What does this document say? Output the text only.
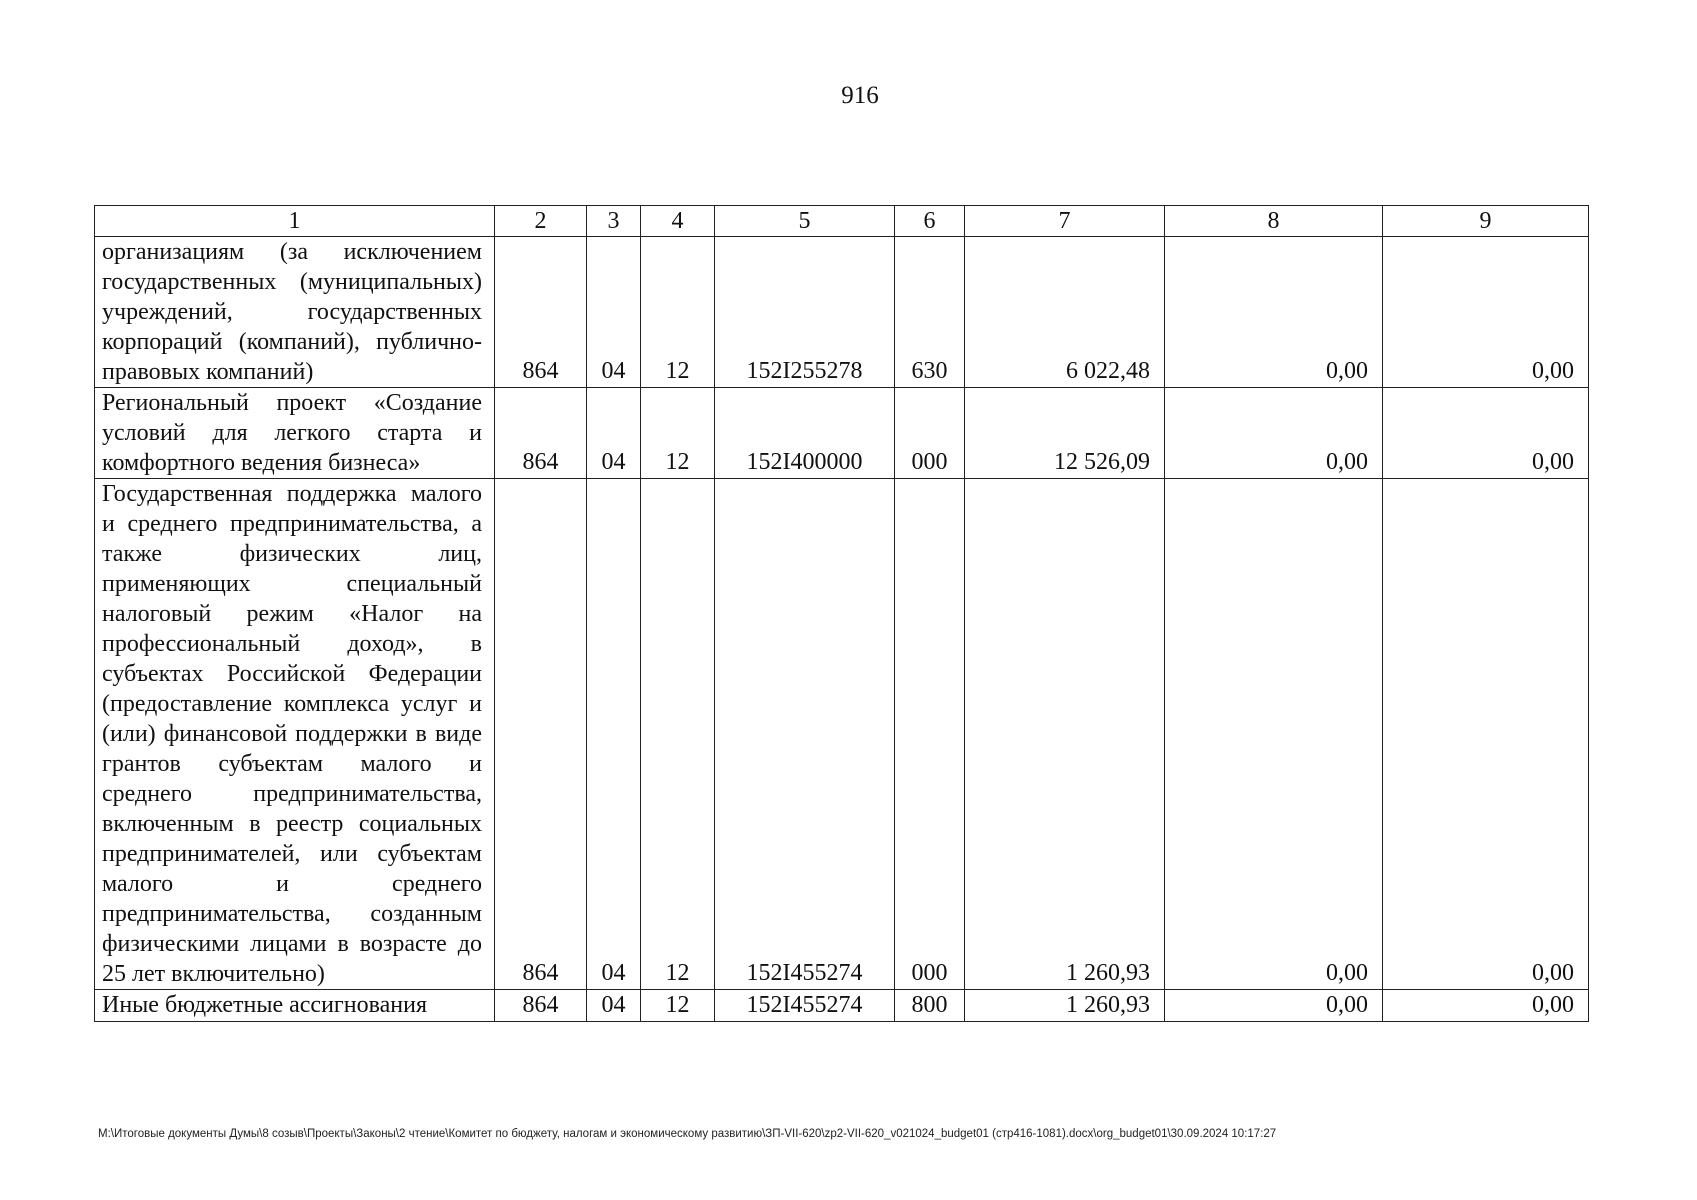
916
1	2	3	4	5	6	7	8	9
организациям (за исключением государственных (муниципальных) учреждений, государственных корпораций (компаний), публично-правовых компаний)	864	04	12	152I255278	630	6 022,48	0,00	0,00
Региональный проект «Создание условий для легкого старта и комфортного ведения бизнеса»	864	04	12	152I400000	000	12 526,09	0,00	0,00
Государственная поддержка малого и среднего предпринимательства, а также физических лиц, применяющих специальный налоговый режим «Налог на профессиональный доход», в субъектах Российской Федерации (предоставление комплекса услуг и (или) финансовой поддержки в виде грантов субъектам малого и среднего предпринимательства, включенным в реестр социальных предпринимателей, или субъектам малого и среднего предпринимательства, созданным физическими лицами в возрасте до 25 лет включительно)	864	04	12	152I455274	000	1 260,93	0,00	0,00
Иные бюджетные ассигнования	864	04	12	152I455274	800	1 260,93	0,00	0,00
M:\Итоговые документы Думы\8 созыв\Проекты\Законы\2 чтение\Комитет по бюджету, налогам и экономическому развитию\ЗП-VII-620\zp2-VII-620_v021024_budget01 (стр416-1081).docx\org_budget01\30.09.2024 10:17:27
